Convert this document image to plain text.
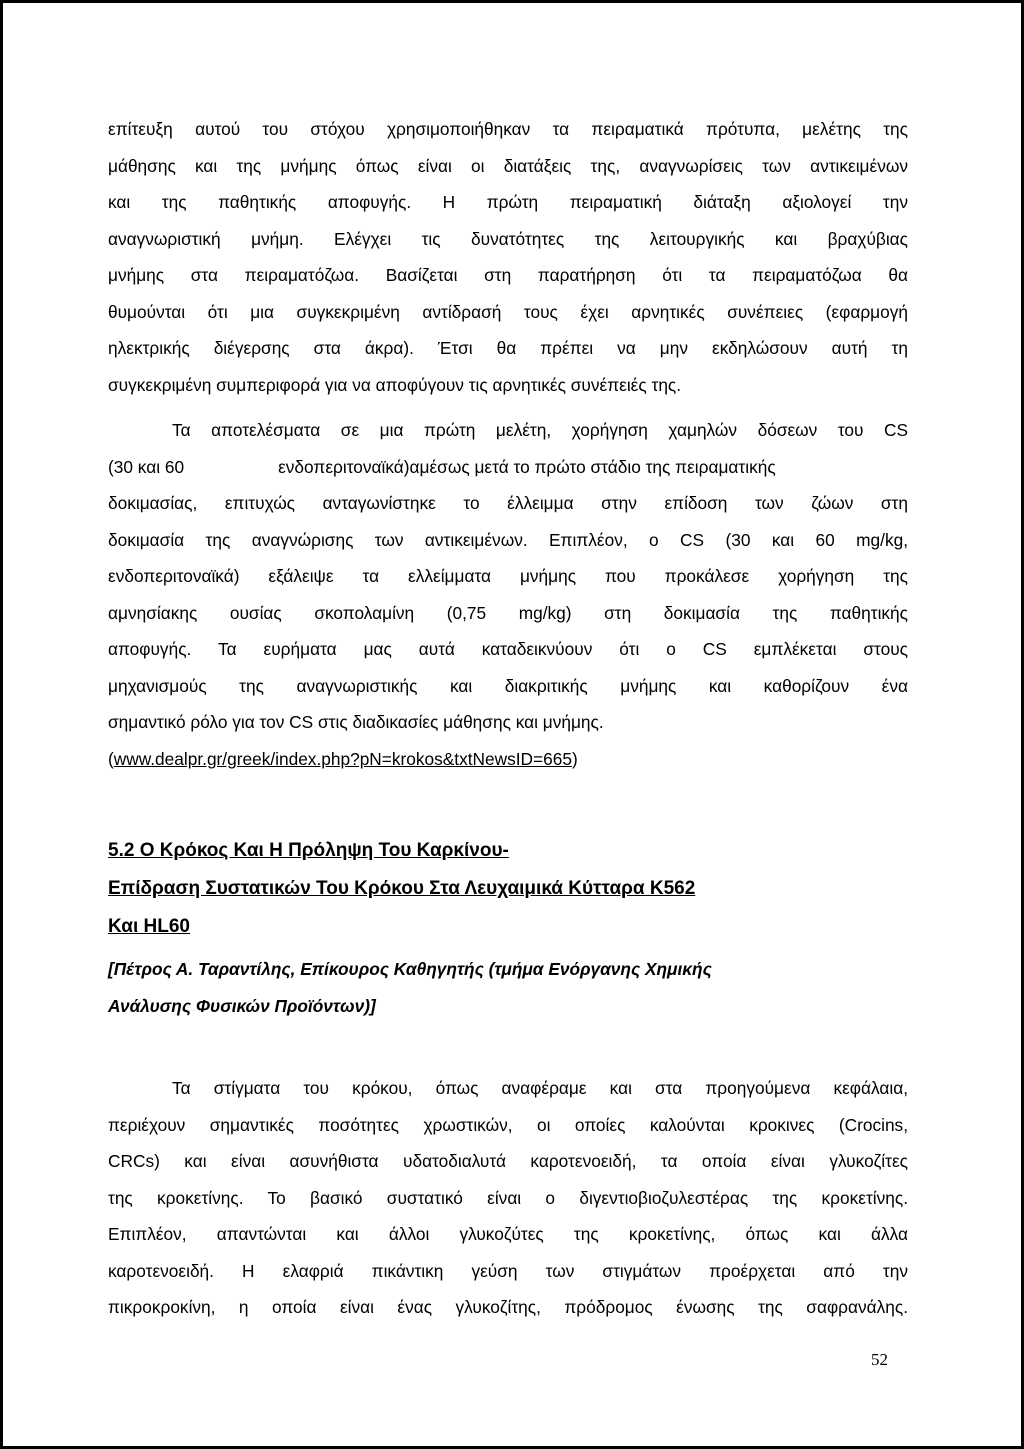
επίτευξη αυτού του στόχου χρησιμοποιήθηκαν τα πειραματικά πρότυπα, μελέτης της
μάθησης και της μνήμης όπως είναι οι διατάξεις της, αναγνωρίσεις των αντικειμένων
και της παθητικής αποφυγής. Η πρώτη πειραματική διάταξη αξιολογεί την
αναγνωριστική μνήμη. Ελέγχει τις δυνατότητες της λειτουργικής και βραχύβιας
μνήμης στα πειραματόζωα. Βασίζεται στη παρατήρηση ότι τα πειραματόζωα θα
θυμούνται ότι μια συγκεκριμένη αντίδρασή τους έχει αρνητικές συνέπειες (εφαρμογή
ηλεκτρικής διέγερσης στα άκρα). Έτσι θα πρέπει να μην εκδηλώσουν αυτή τη
συγκεκριμένη συμπεριφορά για να αποφύγουν τις αρνητικές συνέπειές της.
Τα αποτελέσματα σε μια πρώτη μελέτη, χορήγηση χαμηλών δόσεων του CS
(30 και 60	ενδοπεριτοναϊκά)αμέσως μετά το πρώτο στάδιο της πειραματικής
δοκιμασίας, επιτυχώς ανταγωνίστηκε το έλλειμμα στην επίδοση των ζώων στη
δοκιμασία της αναγνώρισης των αντικειμένων. Επιπλέον, ο CS (30 και 60 mg/kg,
ενδοπεριτοναϊκά) εξάλειψε τα ελλείμματα μνήμης που προκάλεσε χορήγηση της
αμνησίακης ουσίας σκοπολαμίνη (0,75 mg/kg) στη δοκιμασία της παθητικής
αποφυγής. Τα ευρήματα μας αυτά καταδεικνύουν ότι ο CS εμπλέκεται στους
μηχανισμούς της αναγνωριστικής και διακριτικής μνήμης και καθορίζουν ένα
σημαντικό ρόλο για τον CS στις διαδικασίες μάθησης και μνήμης.
(www.dealpr.gr/greek/index.php?pN=krokos&txtNewsID=665)
5.2 Ο Κρόκος Και Η Πρόληψη Του Καρκίνου-
Επίδραση Συστατικών Του Κρόκου Στα Λευχαιμικά Κύτταρα K562
Και HL60
[Πέτρος Α. Ταραντίλης, Επίκουρος Καθηγητής (τμήμα Ενόργανης Χημικής
Ανάλυσης Φυσικών Προϊόντων)]
Τα στίγματα του κρόκου, όπως αναφέραμε και στα προηγούμενα κεφάλαια,
περιέχουν σημαντικές ποσότητες χρωστικών, οι οποίες καλούνται κροκινες (Crocins,
CRCs) και είναι ασυνήθιστα υδατοδιαλυτά καροτενοειδή, τα οποία είναι γλυκοζίτες
της κροκετίνης. Το βασικό συστατικό είναι ο διγεντιοβιοζυλεστέρας της κροκετίνης.
Επιπλέον, απαντώνται και άλλοι γλυκοζύτες της κροκετίνης, όπως και άλλα
καροτενοειδή. Η ελαφριά πικάντικη γεύση των στιγμάτων προέρχεται από την
πικροκροκίνη, η οποία είναι ένας γλυκοζίτης, πρόδρομος ένωσης της σαφρανάλης.
52
